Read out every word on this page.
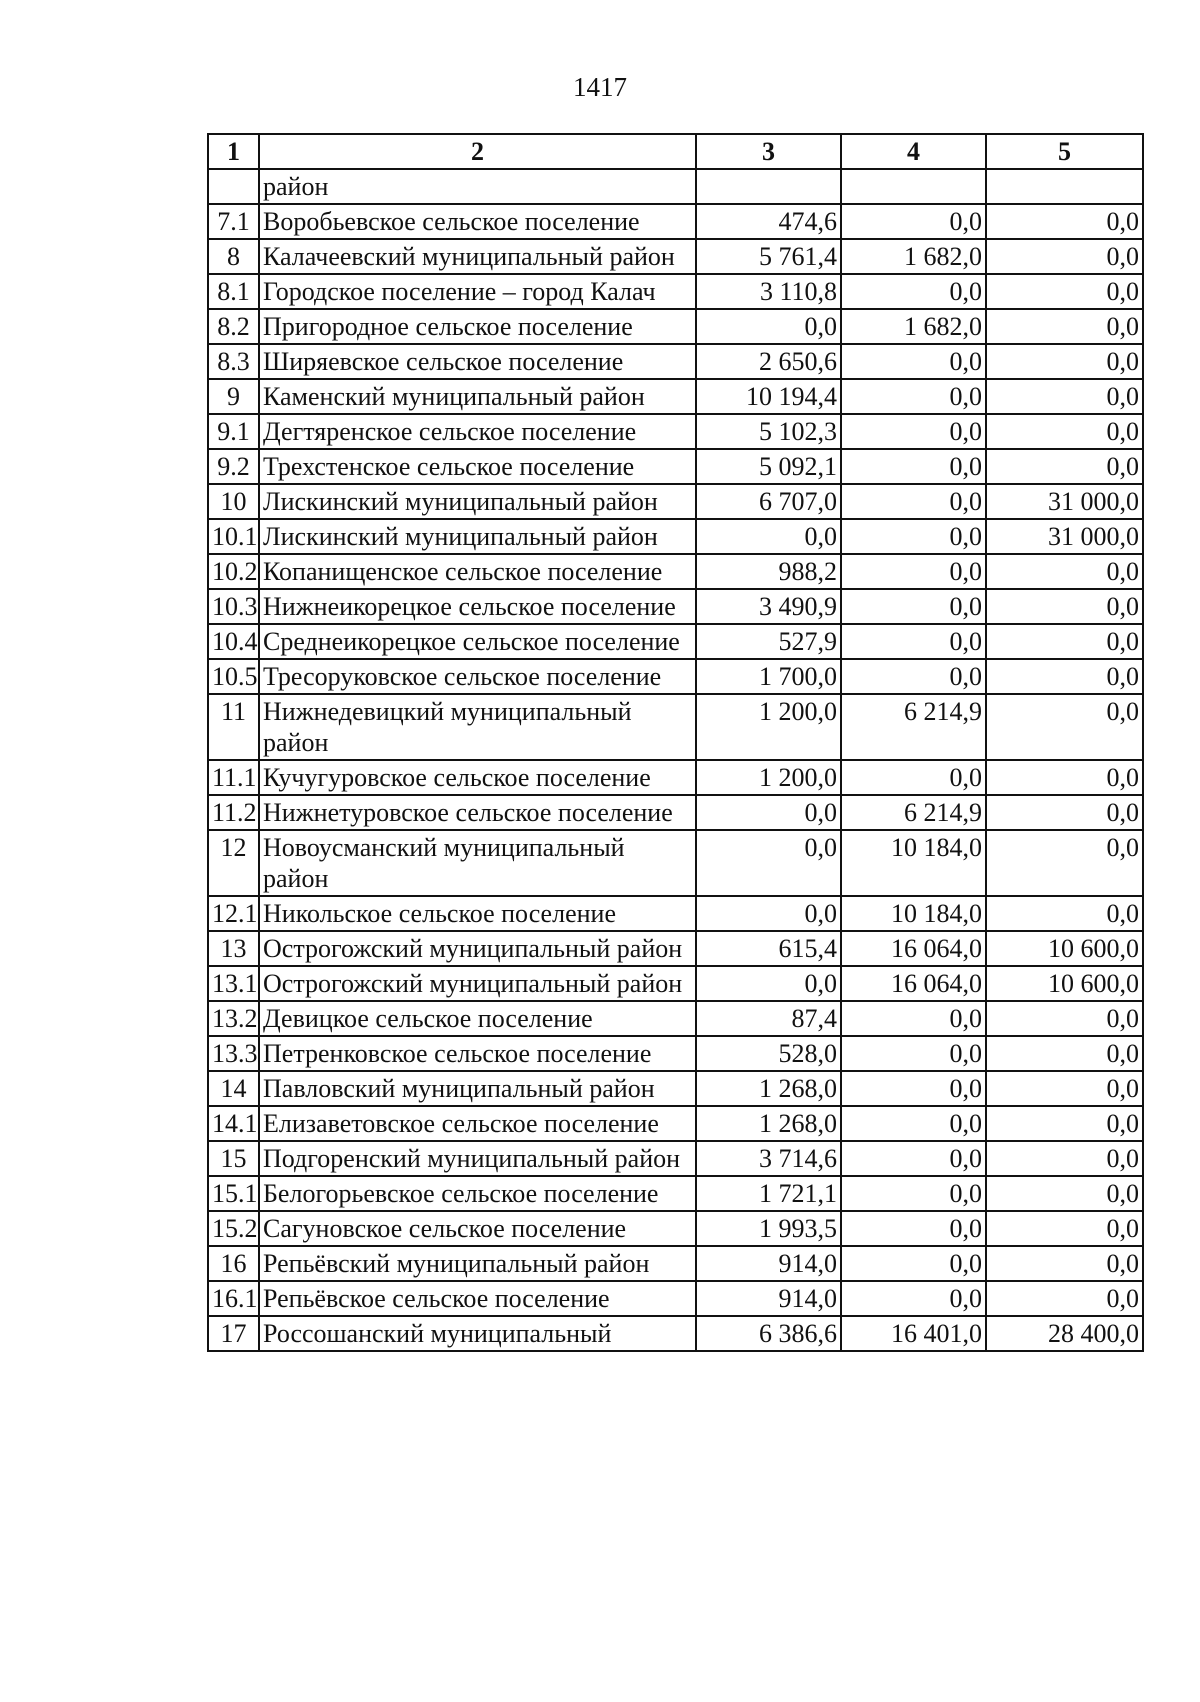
1417
1	2	3	4	5
	район			
7.1	Воробьевское сельское поселение	474,6	0,0	0,0
8	Калачеевский муниципальный район	5 761,4	1 682,0	0,0
8.1	Городское поселение – город Калач	3 110,8	0,0	0,0
8.2	Пригородное сельское поселение	0,0	1 682,0	0,0
8.3	Ширяевское сельское поселение	2 650,6	0,0	0,0
9	Каменский муниципальный район	10 194,4	0,0	0,0
9.1	Дегтяренское сельское поселение	5 102,3	0,0	0,0
9.2	Трехстенское сельское поселение	5 092,1	0,0	0,0
10	Лискинский муниципальный район	6 707,0	0,0	31 000,0
10.1	Лискинский муниципальный район	0,0	0,0	31 000,0
10.2	Копанищенское сельское поселение	988,2	0,0	0,0
10.3	Нижнеикорецкое сельское поселение	3 490,9	0,0	0,0
10.4	Среднеикорецкое сельское поселение	527,9	0,0	0,0
10.5	Тресоруковское сельское поселение	1 700,0	0,0	0,0
11	Нижнедевицкий муниципальный район	1 200,0	6 214,9	0,0
11.1	Кучугуровское сельское поселение	1 200,0	0,0	0,0
11.2	Нижнетуровское сельское поселение	0,0	6 214,9	0,0
12	Новоусманский муниципальный район	0,0	10 184,0	0,0
12.1	Никольское сельское поселение	0,0	10 184,0	0,0
13	Острогожский муниципальный район	615,4	16 064,0	10 600,0
13.1	Острогожский муниципальный район	0,0	16 064,0	10 600,0
13.2	Девицкое сельское поселение	87,4	0,0	0,0
13.3	Петренковское сельское поселение	528,0	0,0	0,0
14	Павловский муниципальный район	1 268,0	0,0	0,0
14.1	Елизаветовское сельское поселение	1 268,0	0,0	0,0
15	Подгоренский муниципальный район	3 714,6	0,0	0,0
15.1	Белогорьевское сельское поселение	1 721,1	0,0	0,0
15.2	Сагуновское сельское поселение	1 993,5	0,0	0,0
16	Репьёвский муниципальный район	914,0	0,0	0,0
16.1	Репьёвское сельское поселение	914,0	0,0	0,0
17	Россошанский муниципальный	6 386,6	16 401,0	28 400,0
